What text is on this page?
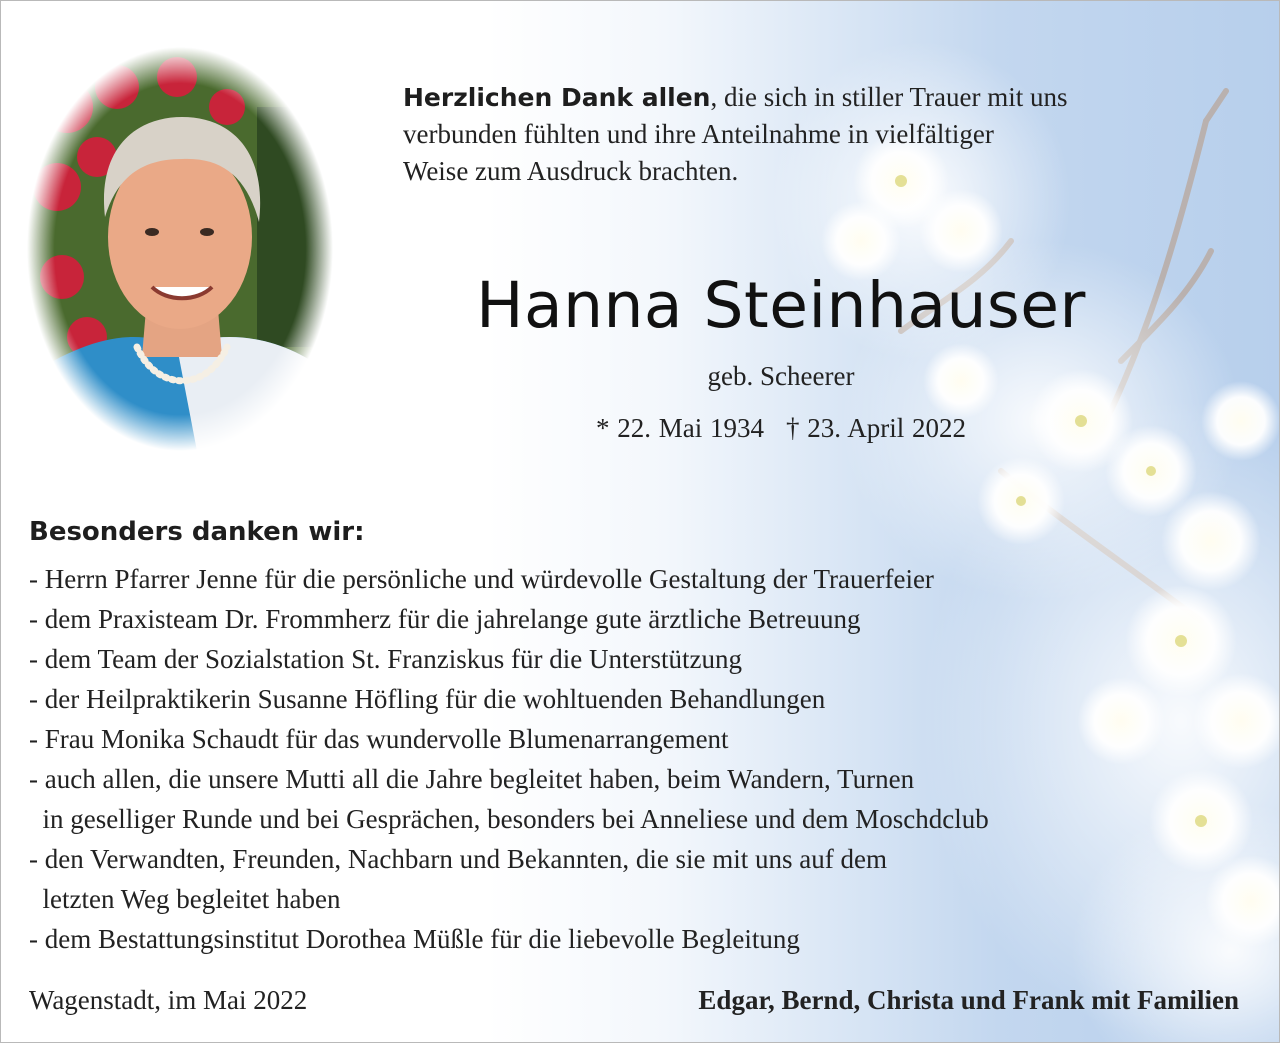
Herzlichen Dank allen, die sich in stiller Trauer mit uns
verbunden fühlten und ihre Anteilnahme in vielfältiger
Weise zum Ausdruck brachten.
Hanna Steinhauser
geb. Scheerer
* 22. Mai 1934 † 23. April 2022
Besonders danken wir:
- Herrn Pfarrer Jenne für die persönliche und würdevolle Gestaltung der Trauerfeier
- dem Praxisteam Dr. Frommherz für die jahrelange gute ärztliche Betreuung
- dem Team der Sozialstation St. Franziskus für die Unterstützung
- der Heilpraktikerin Susanne Höfling für die wohltuenden Behandlungen
- Frau Monika Schaudt für das wundervolle Blumenarrangement
- auch allen, die unsere Mutti all die Jahre begleitet haben, beim Wandern, Turnen
in geselliger Runde und bei Gesprächen, besonders bei Anneliese und dem Moschdclub
- den Verwandten, Freunden, Nachbarn und Bekannten, die sie mit uns auf dem
letzten Weg begleitet haben
- dem Bestattungsinstitut Dorothea Müßle für die liebevolle Begleitung
Wagenstadt, im Mai 2022	Edgar, Bernd, Christa und Frank mit Familien
